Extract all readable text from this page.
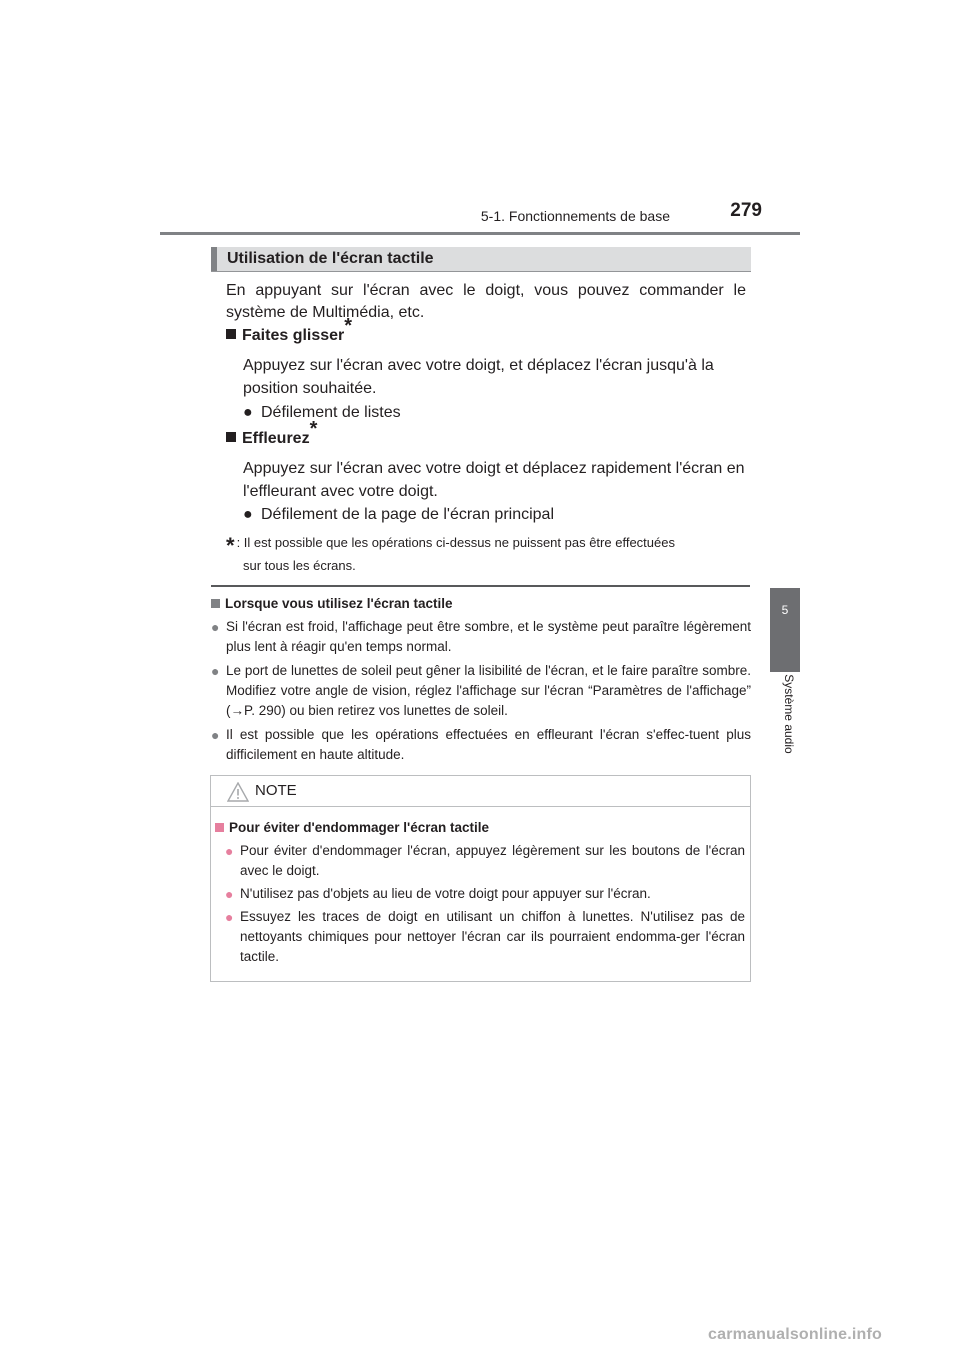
5-1. Fonctionnements de base	279
5
Système audio
Utilisation de l'écran tactile
En appuyant sur l'écran avec le doigt, vous pouvez commander le système de Multimédia, etc.
Faites glisser*
Appuyez sur l'écran avec votre doigt, et déplacez l'écran jusqu'à la position souhaitée.
● Défilement de listes
Effleurez*
Appuyez sur l'écran avec votre doigt et déplacez rapidement l'écran en l'effleurant avec votre doigt.
● Défilement de la page de l'écran principal
* : Il est possible que les opérations ci-dessus ne puissent pas être effectuées
sur tous les écrans.
Lorsque vous utilisez l'écran tactile
● Si l'écran est froid, l'affichage peut être sombre, et le système peut paraître légèrement plus lent à réagir qu'en temps normal.
● Le port de lunettes de soleil peut gêner la lisibilité de l'écran, et le faire paraître sombre. Modifiez votre angle de vision, réglez l'affichage sur l'écran “Paramètres de l'affichage” (→P. 290) ou bien retirez vos lunettes de soleil.
● Il est possible que les opérations effectuées en effleurant l'écran s'effec-tuent plus difficilement en haute altitude.
NOTE
Pour éviter d'endommager l'écran tactile
● Pour éviter d'endommager l'écran, appuyez légèrement sur les boutons de l'écran avec le doigt.
● N'utilisez pas d'objets au lieu de votre doigt pour appuyer sur l'écran.
● Essuyez les traces de doigt en utilisant un chiffon à lunettes. N'utilisez pas de nettoyants chimiques pour nettoyer l'écran car ils pourraient endomma-ger l'écran tactile.
carmanualsonline.info
